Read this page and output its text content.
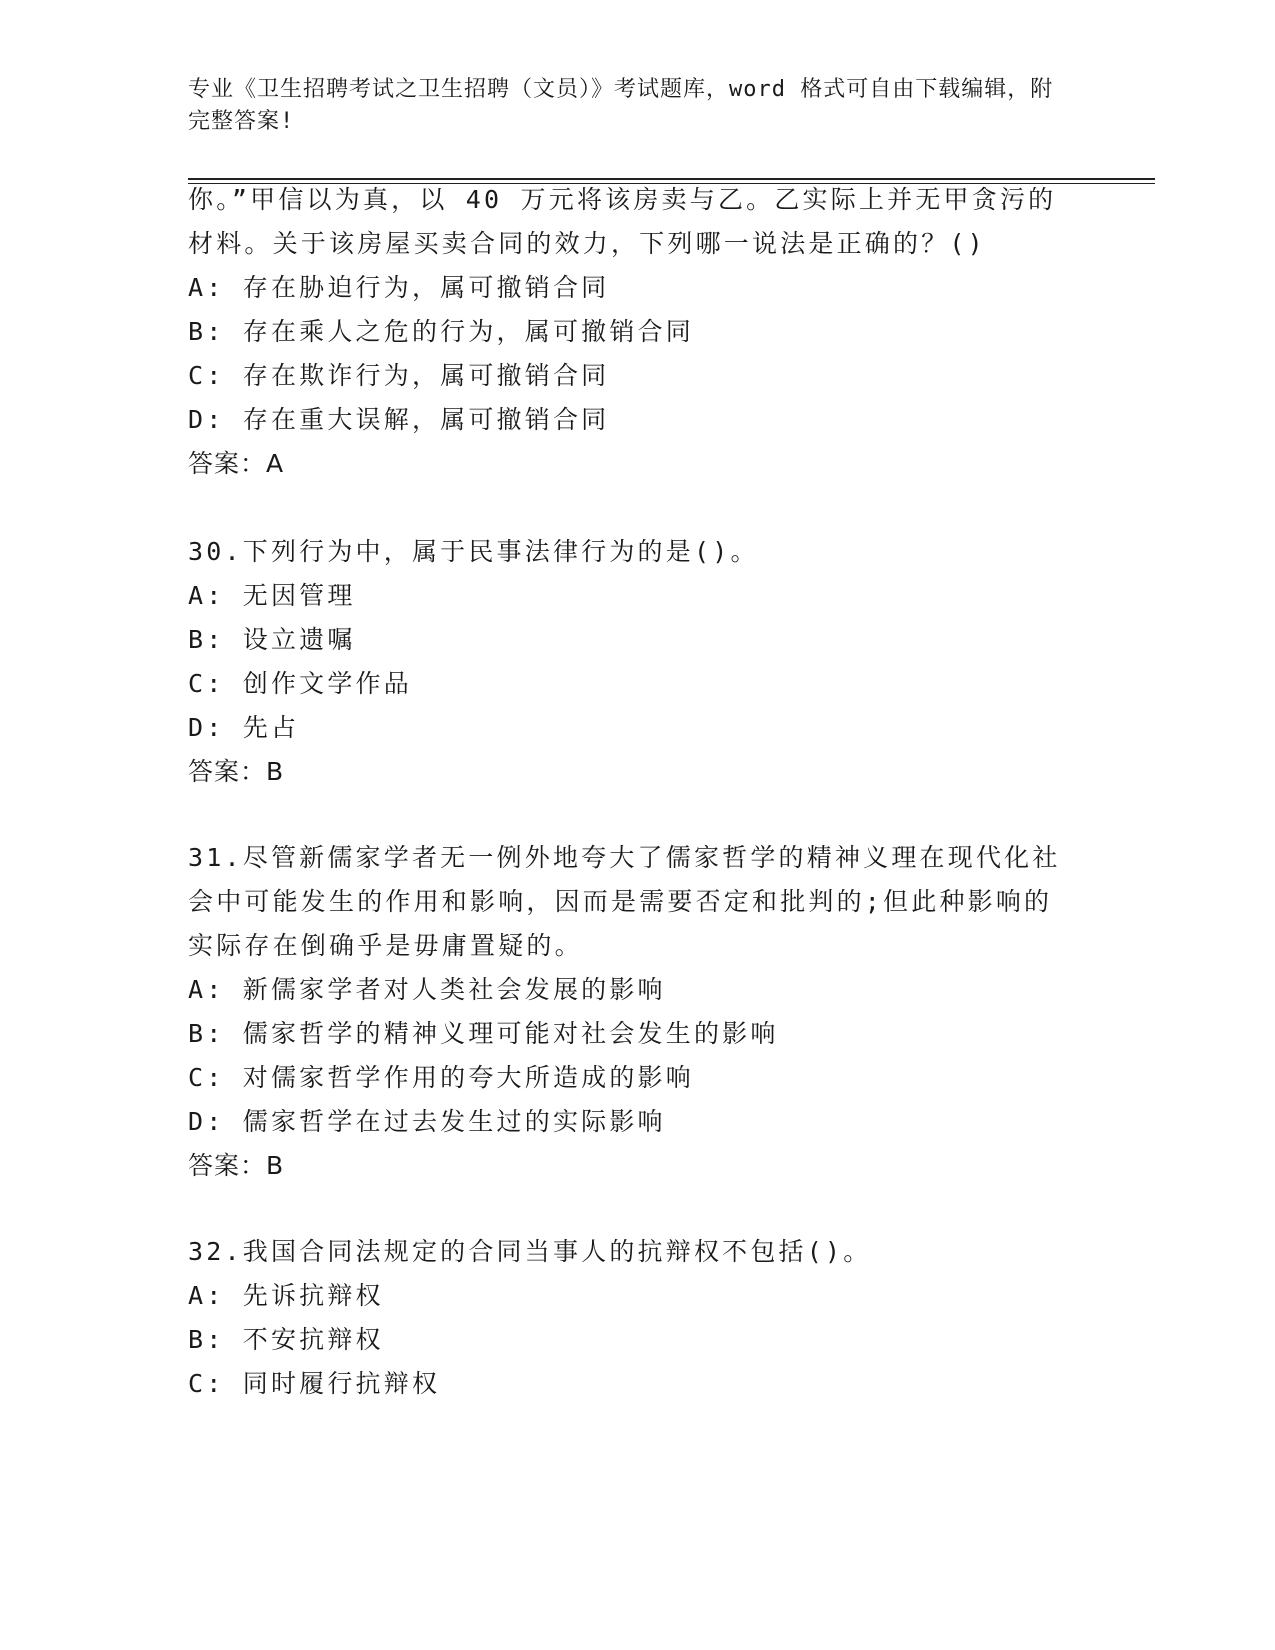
专业《卫生招聘考试之卫生招聘（文员）》考试题库，word 格式可自由下载编辑，附完整答案!
你。”甲信以为真，以 40 万元将该房卖与乙。乙实际上并无甲贪污的
材料。关于该房屋买卖合同的效力，下列哪一说法是正确的？()
A: 存在胁迫行为，属可撤销合同
B: 存在乘人之危的行为，属可撤销合同
C: 存在欺诈行为，属可撤销合同
D: 存在重大误解，属可撤销合同
答案：A
30.下列行为中，属于民事法律行为的是()。
A: 无因管理
B: 设立遗嘱
C: 创作文学作品
D: 先占
答案：B
31.尽管新儒家学者无一例外地夸大了儒家哲学的精神义理在现代化社
会中可能发生的作用和影响，因而是需要否定和批判的;但此种影响的
实际存在倒确乎是毋庸置疑的。
A: 新儒家学者对人类社会发展的影响
B: 儒家哲学的精神义理可能对社会发生的影响
C: 对儒家哲学作用的夸大所造成的影响
D: 儒家哲学在过去发生过的实际影响
答案：B
32.我国合同法规定的合同当事人的抗辩权不包括()。
A: 先诉抗辩权
B: 不安抗辩权
C: 同时履行抗辩权
